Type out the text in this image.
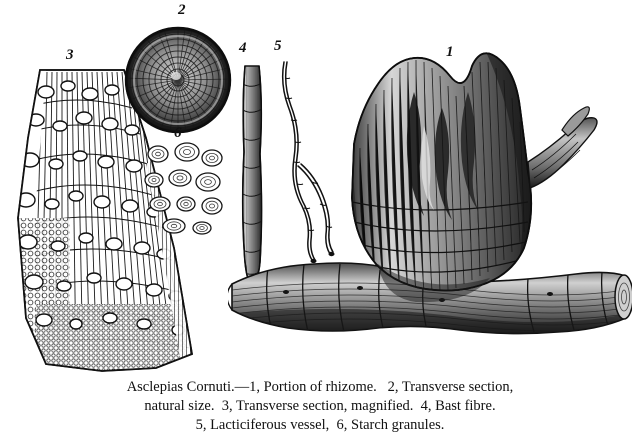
3
2
6
4 5	1
Asclepias Cornuti.—1, Portion of rhizome.   2, Transverse section,
natural size.  3, Transverse section, magnified.  4, Bast fibre.
5, Lacticiferous vessel,  6, Starch granules.
